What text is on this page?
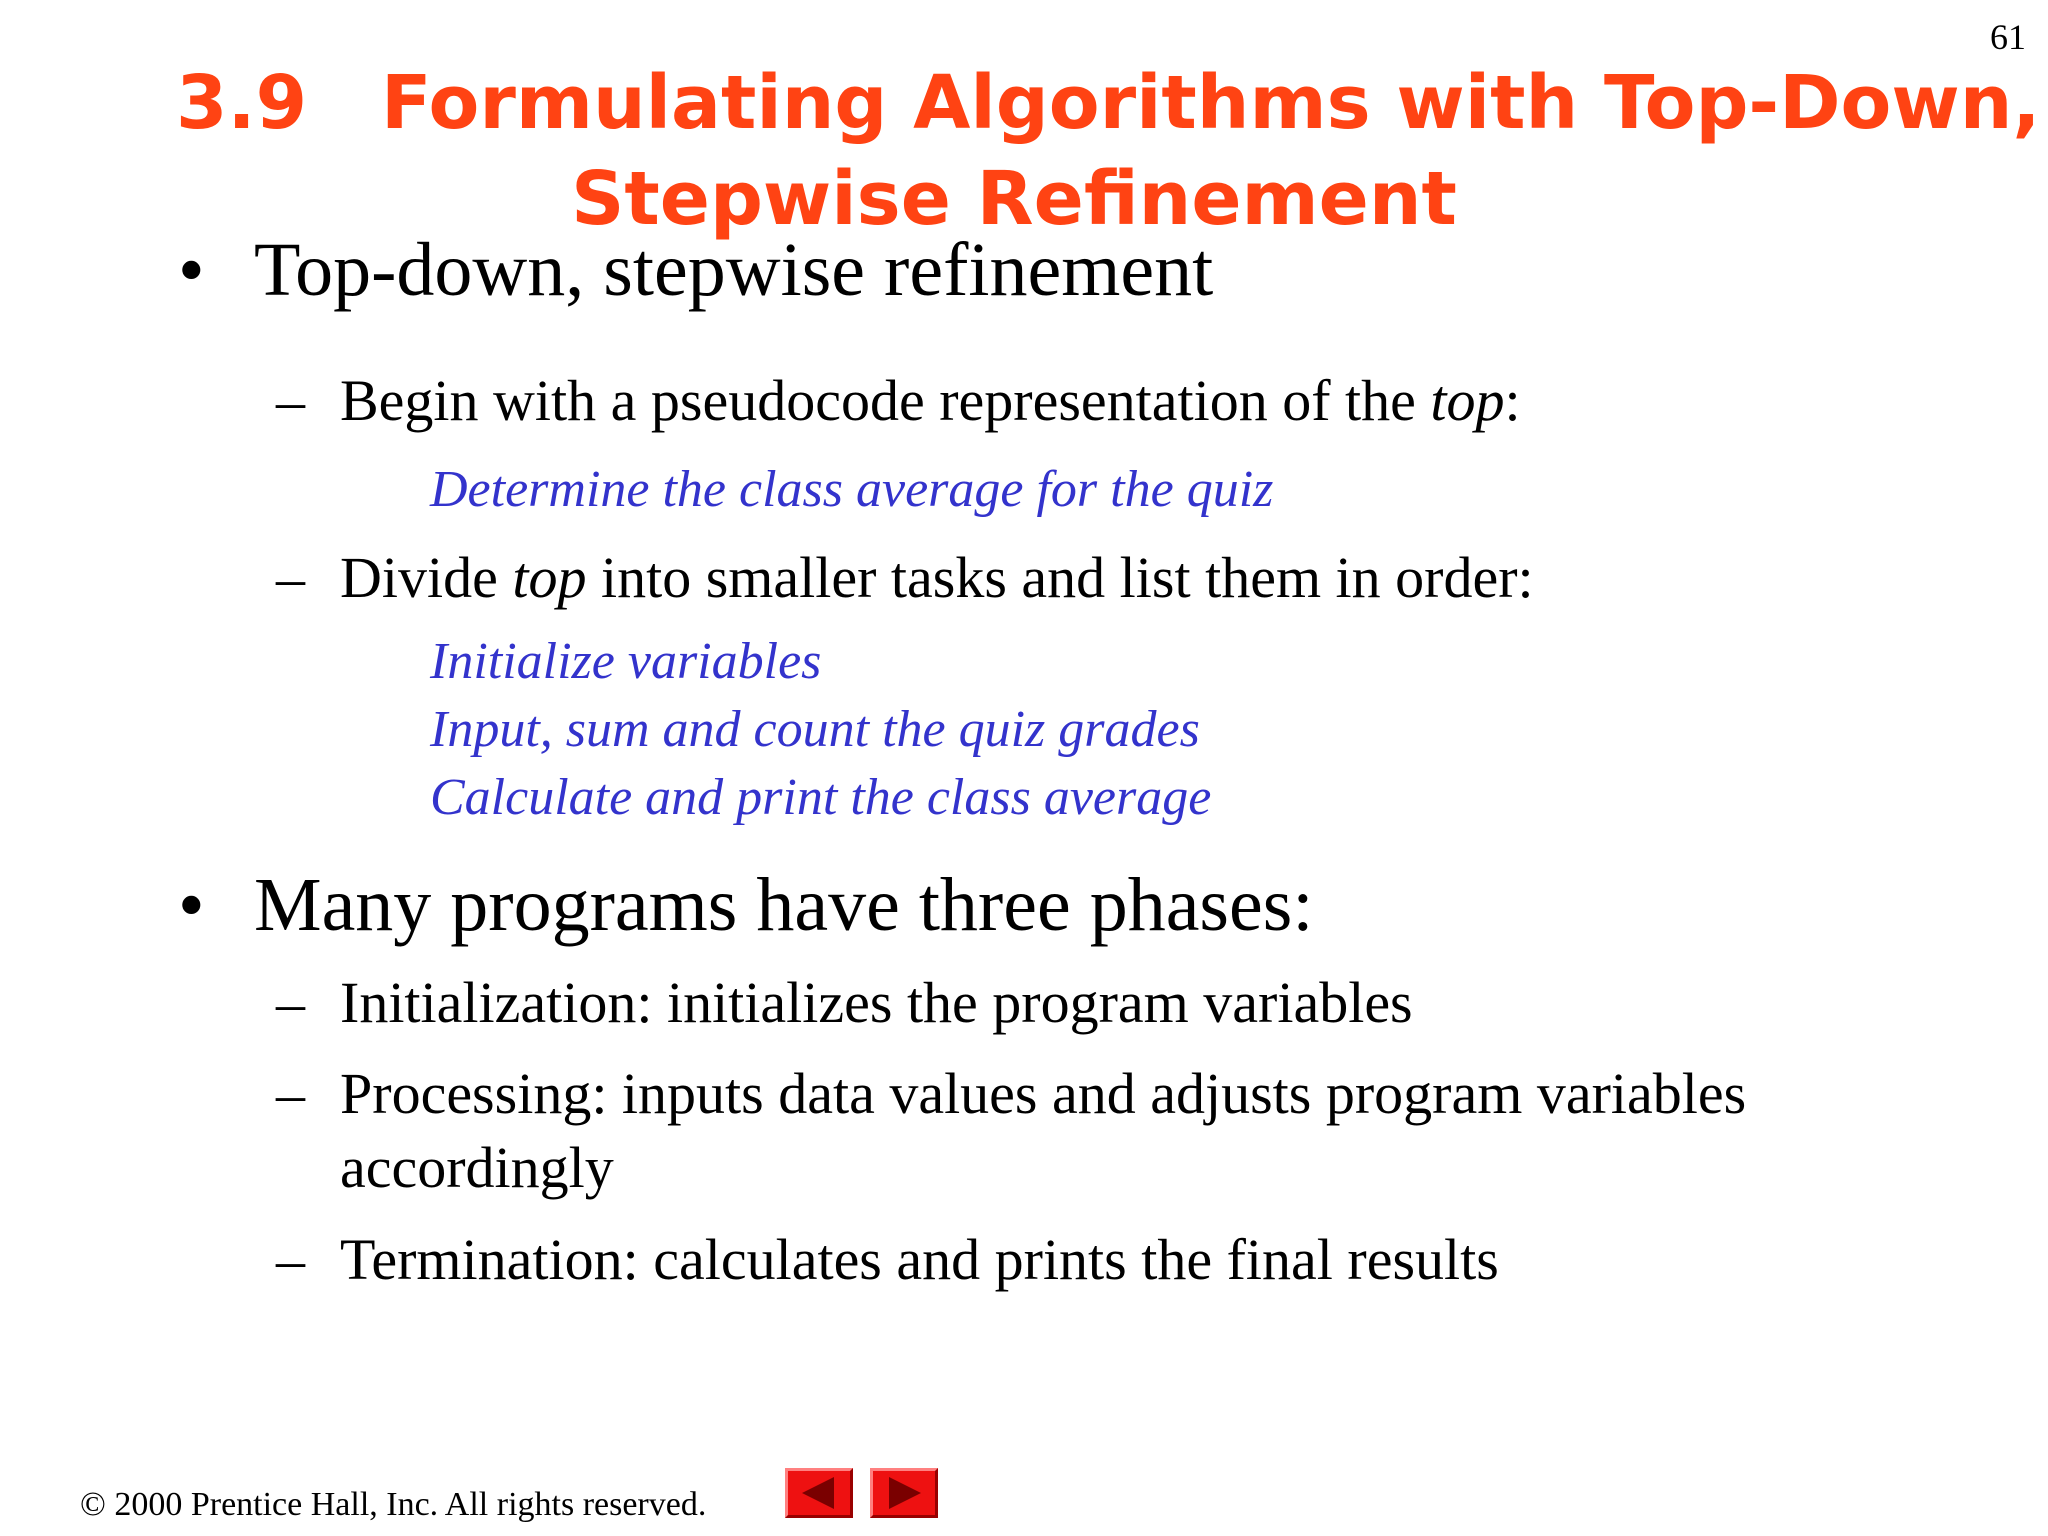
61
3.9 Formulating Algorithms with Top-Down,
Stepwise Refinement
• Top-down, stepwise refinement
– Begin with a pseudocode representation of the top:
Determine the class average for the quiz
– Divide top into smaller tasks and list them in order:
Initialize variables
Input, sum and count the quiz grades
Calculate and print the class average
• Many programs have three phases:
– Initialization: initializes the program variables
– Processing: inputs data values and adjusts program variables
accordingly
– Termination: calculates and prints the final results
© 2000 Prentice Hall, Inc. All rights reserved.
